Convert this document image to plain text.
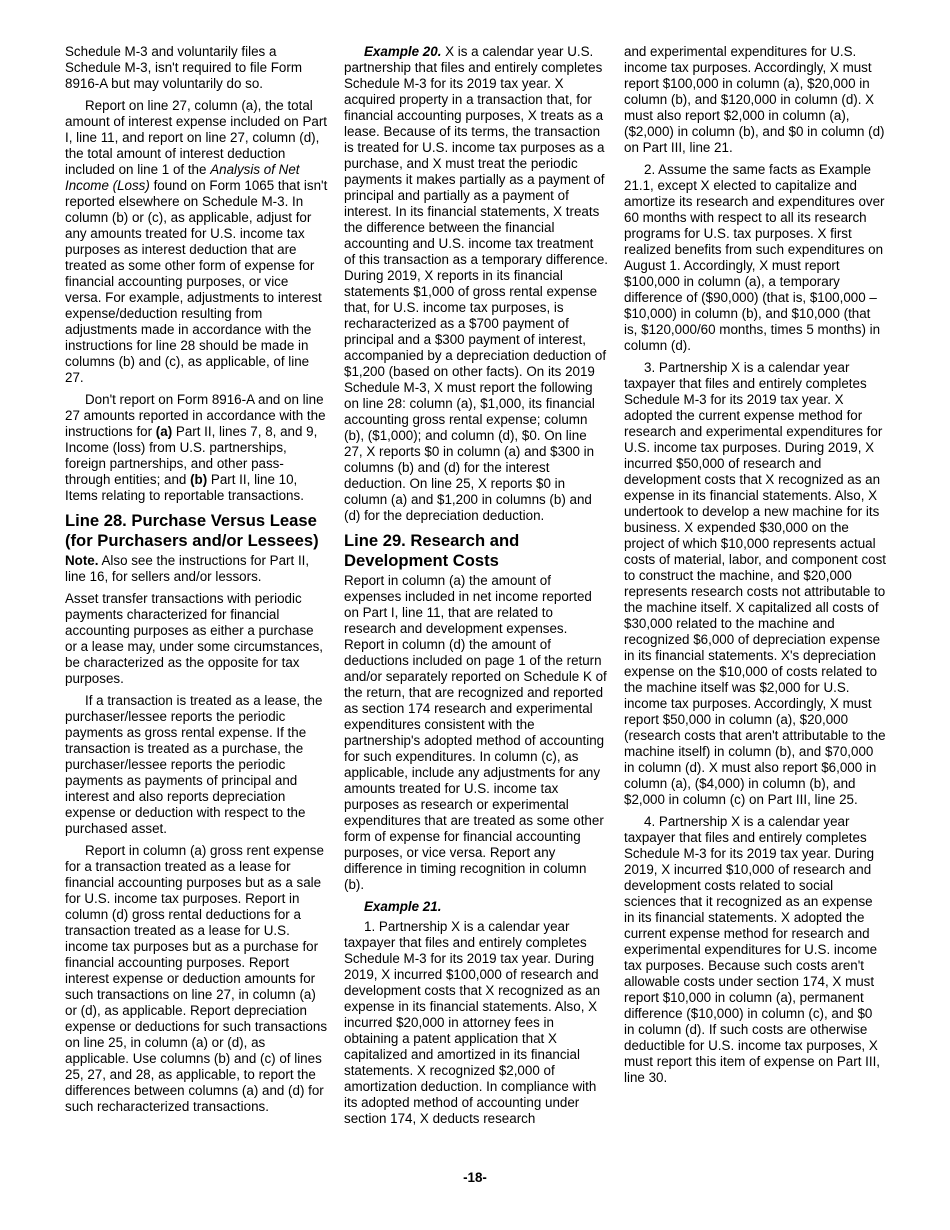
Schedule M-3 and voluntarily files a Schedule M-3, isn't required to file Form 8916-A but may voluntarily do so.

Report on line 27, column (a), the total amount of interest expense included on Part I, line 11, and report on line 27, column (d), the total amount of interest deduction included on line 1 of the Analysis of Net Income (Loss) found on Form 1065 that isn't reported elsewhere on Schedule M-3. In column (b) or (c), as applicable, adjust for any amounts treated for U.S. income tax purposes as interest deduction that are treated as some other form of expense for financial accounting purposes, or vice versa. For example, adjustments to interest expense/deduction resulting from adjustments made in accordance with the instructions for line 28 should be made in columns (b) and (c), as applicable, of line 27.

Don't report on Form 8916-A and on line 27 amounts reported in accordance with the instructions for (a) Part II, lines 7, 8, and 9, Income (loss) from U.S. partnerships, foreign partnerships, and other pass-through entities; and (b) Part II, line 10, Items relating to reportable transactions.

Line 28. Purchase Versus Lease (for Purchasers and/or Lessees)

Note. Also see the instructions for Part II, line 16, for sellers and/or lessors.

Asset transfer transactions with periodic payments characterized for financial accounting purposes as either a purchase or a lease may, under some circumstances, be characterized as the opposite for tax purposes.

If a transaction is treated as a lease, the purchaser/lessee reports the periodic payments as gross rental expense. If the transaction is treated as a purchase, the purchaser/lessee reports the periodic payments as payments of principal and interest and also reports depreciation expense or deduction with respect to the purchased asset.

Report in column (a) gross rent expense for a transaction treated as a lease for financial accounting purposes but as a sale for U.S. income tax purposes. Report in column (d) gross rental deductions for a transaction treated as a lease for U.S. income tax purposes but as a purchase for financial accounting purposes. Report interest expense or deduction amounts for such transactions on line 27, in column (a) or (d), as applicable. Report depreciation expense or deductions for such transactions on line 25, in column (a) or (d), as applicable. Use columns (b) and (c) of lines 25, 27, and 28, as applicable, to report the differences between columns (a) and (d) for such recharacterized transactions.

Example 20. X is a calendar year U.S. partnership that files and entirely completes Schedule M-3 for its 2019 tax year. X acquired property in a transaction that, for financial accounting purposes, X treats as a lease. Because of its terms, the transaction is treated for U.S. income tax purposes as a purchase, and X must treat the periodic payments it makes partially as a payment of principal and partially as a payment of interest. In its financial statements, X treats the difference between the financial accounting and U.S. income tax treatment of this transaction as a temporary difference. During 2019, X reports in its financial statements $1,000 of gross rental expense that, for U.S. income tax purposes, is recharacterized as a $700 payment of principal and a $300 payment of interest, accompanied by a depreciation deduction of $1,200 (based on other facts). On its 2019 Schedule M-3, X must report the following on line 28: column (a), $1,000, its financial accounting gross rental expense; column (b), ($1,000); and column (d), $0. On line 27, X reports $0 in column (a) and $300 in columns (b) and (d) for the interest deduction. On line 25, X reports $0 in column (a) and $1,200 in columns (b) and (d) for the depreciation deduction.

Line 29. Research and Development Costs

Report in column (a) the amount of expenses included in net income reported on Part I, line 11, that are related to research and development expenses. Report in column (d) the amount of deductions included on page 1 of the return and/or separately reported on Schedule K of the return, that are recognized and reported as section 174 research and experimental expenditures consistent with the partnership's adopted method of accounting for such expenditures. In column (c), as applicable, include any adjustments for any amounts treated for U.S. income tax purposes as research or experimental expenditures that are treated as some other form of expense for financial accounting purposes, or vice versa. Report any difference in timing recognition in column (b).

Example 21.

1. Partnership X is a calendar year taxpayer that files and entirely completes Schedule M-3 for its 2019 tax year. During 2019, X incurred $100,000 of research and development costs that X recognized as an expense in its financial statements. Also, X incurred $20,000 in attorney fees in obtaining a patent application that X capitalized and amortized in its financial statements. X recognized $2,000 of amortization deduction. In compliance with its adopted method of accounting under section 174, X deducts research

and experimental expenditures for U.S. income tax purposes. Accordingly, X must report $100,000 in column (a), $20,000 in column (b), and $120,000 in column (d). X must also report $2,000 in column (a), ($2,000) in column (b), and $0 in column (d) on Part III, line 21.

2. Assume the same facts as Example 21.1, except X elected to capitalize and amortize its research and expenditures over 60 months with respect to all its research programs for U.S. tax purposes. X first realized benefits from such expenditures on August 1. Accordingly, X must report $100,000 in column (a), a temporary difference of ($90,000) (that is, $100,000 – $10,000) in column (b), and $10,000 (that is, $120,000/60 months, times 5 months) in column (d).

3. Partnership X is a calendar year taxpayer that files and entirely completes Schedule M-3 for its 2019 tax year. X adopted the current expense method for research and experimental expenditures for U.S. income tax purposes. During 2019, X incurred $50,000 of research and development costs that X recognized as an expense in its financial statements. Also, X undertook to develop a new machine for its business. X expended $30,000 on the project of which $10,000 represents actual costs of material, labor, and component cost to construct the machine, and $20,000 represents research costs not attributable to the machine itself. X capitalized all costs of $30,000 related to the machine and recognized $6,000 of depreciation expense in its financial statements. X's depreciation expense on the $10,000 of costs related to the machine itself was $2,000 for U.S. income tax purposes. Accordingly, X must report $50,000 in column (a), $20,000 (research costs that aren't attributable to the machine itself) in column (b), and $70,000 in column (d). X must also report $6,000 in column (a), ($4,000) in column (b), and $2,000 in column (c) on Part III, line 25.

4. Partnership X is a calendar year taxpayer that files and entirely completes Schedule M-3 for its 2019 tax year. During 2019, X incurred $10,000 of research and development costs related to social sciences that it recognized as an expense in its financial statements. X adopted the current expense method for research and experimental expenditures for U.S. income tax purposes. Because such costs aren't allowable costs under section 174, X must report $10,000 in column (a), permanent difference ($10,000) in column (c), and $0 in column (d). If such costs are otherwise deductible for U.S. income tax purposes, X must report this item of expense on Part III, line 30.

-18-
